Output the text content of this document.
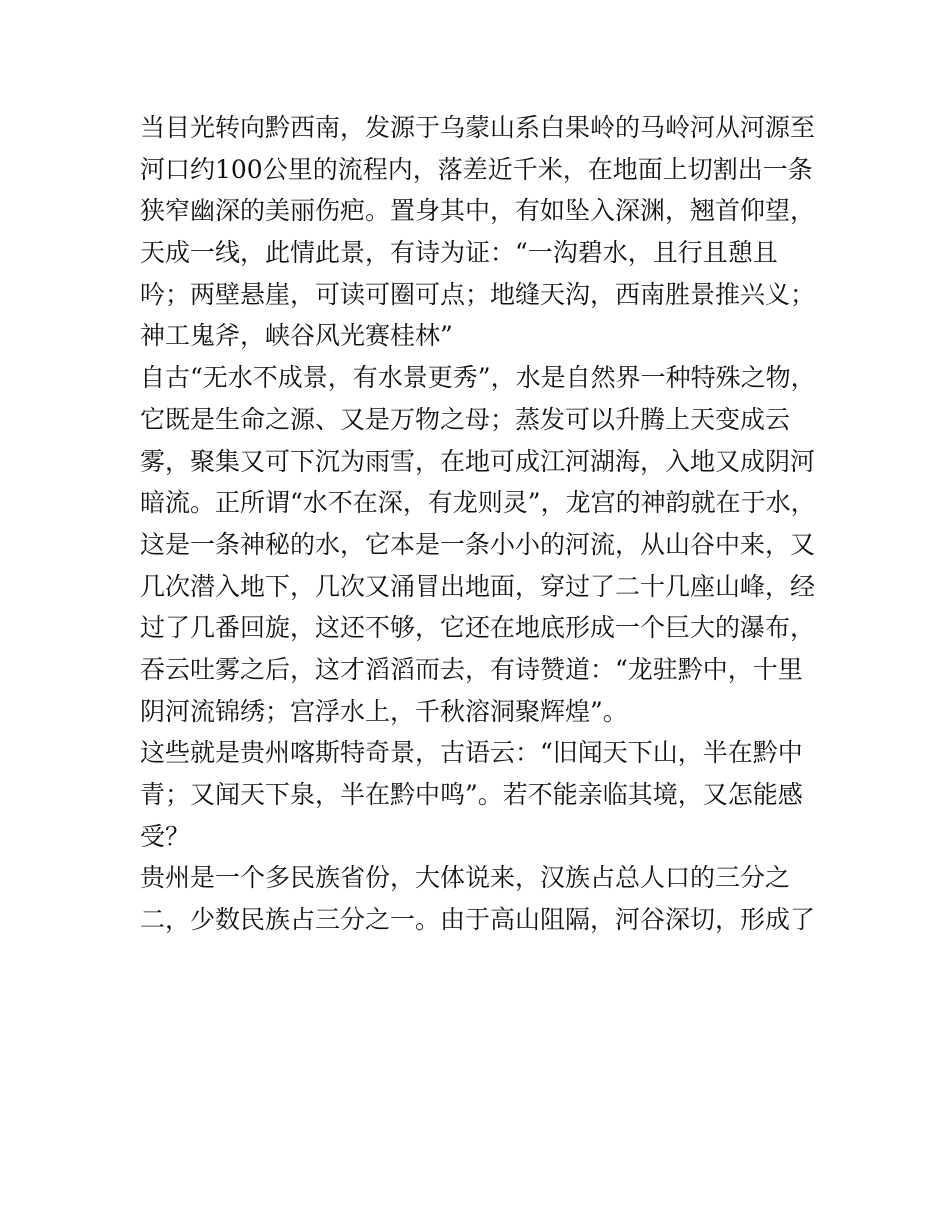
当目光转向黔西南，发源于乌蒙山系白果岭的马岭河从河源至
河口约100公里的流程内，落差近千米，在地面上切割出一条
狭窄幽深的美丽伤疤。置身其中，有如坠入深渊，翘首仰望，
天成一线，此情此景，有诗为证：“一沟碧水，且行且憩且
吟；两壁悬崖，可读可圈可点；地缝天沟，西南胜景推兴义；
神工鬼斧，峡谷风光赛桂林”
自古“无水不成景，有水景更秀”，水是自然界一种特殊之物，
它既是生命之源、又是万物之母；蒸发可以升腾上天变成云
雾，聚集又可下沉为雨雪，在地可成江河湖海，入地又成阴河
暗流。正所谓“水不在深，有龙则灵”，龙宫的神韵就在于水，
这是一条神秘的水，它本是一条小小的河流，从山谷中来，又
几次潜入地下，几次又涌冒出地面，穿过了二十几座山峰，经
过了几番回旋，这还不够，它还在地底形成一个巨大的瀑布，
吞云吐雾之后，这才滔滔而去，有诗赞道：“龙驻黔中，十里
阴河流锦绣；宫浮水上，千秋溶洞聚辉煌”。
这些就是贵州喀斯特奇景，古语云：“旧闻天下山，半在黔中
青；又闻天下泉，半在黔中鸣”。若不能亲临其境，又怎能感
受？
贵州是一个多民族省份，大体说来，汉族占总人口的三分之
二，少数民族占三分之一。由于高山阻隔，河谷深切，形成了
